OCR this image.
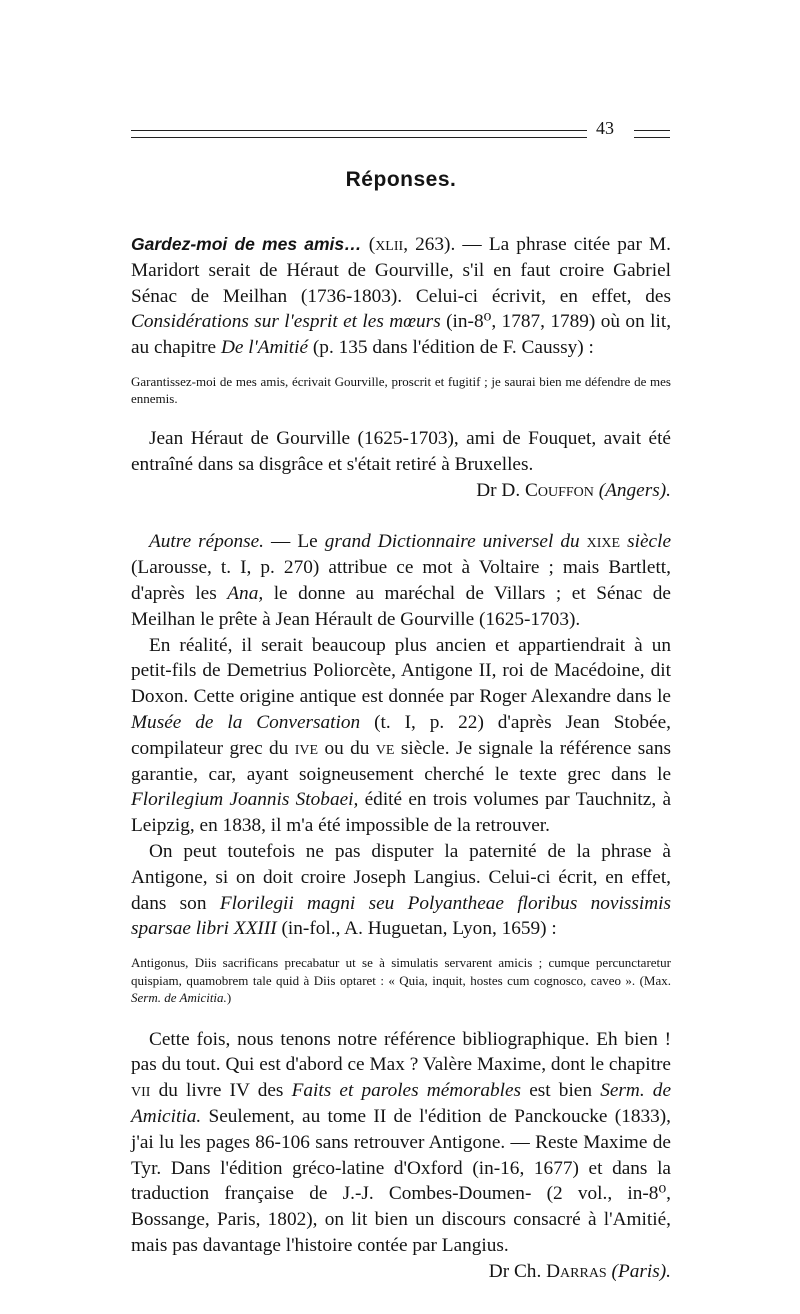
43
Réponses.

Gardez-moi de mes amis… (xlii, 263). — La phrase citée par M. Maridort serait de Héraut de Gourville, s'il en faut croire Gabriel Sénac de Meilhan (1736-1803). Celui-ci écrivit, en effet, des Considérations sur l'esprit et les mœurs (in-8⁰, 1787, 1789) où on lit, au chapitre De l'Amitié (p. 135 dans l'édition de F. Caussy) :

Garantissez-moi de mes amis, écrivait Gourville, proscrit et fugitif ; je saurai bien me défendre de mes ennemis.

Jean Héraut de Gourville (1625-1703), ami de Fouquet, avait été entraîné dans sa disgrâce et s'était retiré à Bruxelles.

Dr D. Couffon (Angers).

Autre réponse. — Le grand Dictionnaire universel du xixe siècle (Larousse, t. I, p. 270) attribue ce mot à Voltaire ; mais Bartlett, d'après les Ana, le donne au maréchal de Villars ; et Sénac de Meilhan le prête à Jean Hérault de Gourville (1625-1703).

En réalité, il serait beaucoup plus ancien et appartiendrait à un petit-fils de Demetrius Poliorcète, Antigone II, roi de Macédoine, dit Doxon. Cette origine antique est donnée par Roger Alexandre dans le Musée de la Conversation (t. I, p. 22) d'après Jean Stobée, compilateur grec du ive ou du ve siècle. Je signale la référence sans garantie, car, ayant soigneusement cherché le texte grec dans le Florilegium Joannis Stobaei, édité en trois volumes par Tauchnitz, à Leipzig, en 1838, il m'a été impossible de la retrouver.

On peut toutefois ne pas disputer la paternité de la phrase à Antigone, si on doit croire Joseph Langius. Celui-ci écrit, en effet, dans son Florilegii magni seu Polyantheae floribus novissimis sparsae libri XXIII (in-fol., A. Huguetan, Lyon, 1659) :

Antigonus, Diis sacrificans precabatur ut se à simulatis servarent amicis ; cumque percunctaretur quispiam, quamobrem tale quid à Diis optaret : « Quia, inquit, hostes cum cognosco, caveo ». (Max. Serm. de Amicitia.)

Cette fois, nous tenons notre référence bibliographique. Eh bien ! pas du tout. Qui est d'abord ce Max ? Valère Maxime, dont le chapitre vii du livre IV des Faits et paroles mémorables est bien Serm. de Amicitia. Seulement, au tome II de l'édition de Panckoucke (1833), j'ai lu les pages 86-106 sans retrouver Antigone. — Reste Maxime de Tyr. Dans l'édition gréco-latine d'Oxford (in-16, 1677) et dans la traduction française de J.-J. Combes-Doumen- (2 vol., in-8⁰, Bossange, Paris, 1802), on lit bien un discours consacré à l'Amitié, mais pas davantage l'histoire contée par Langius.

Dr Ch. Darras (Paris).
